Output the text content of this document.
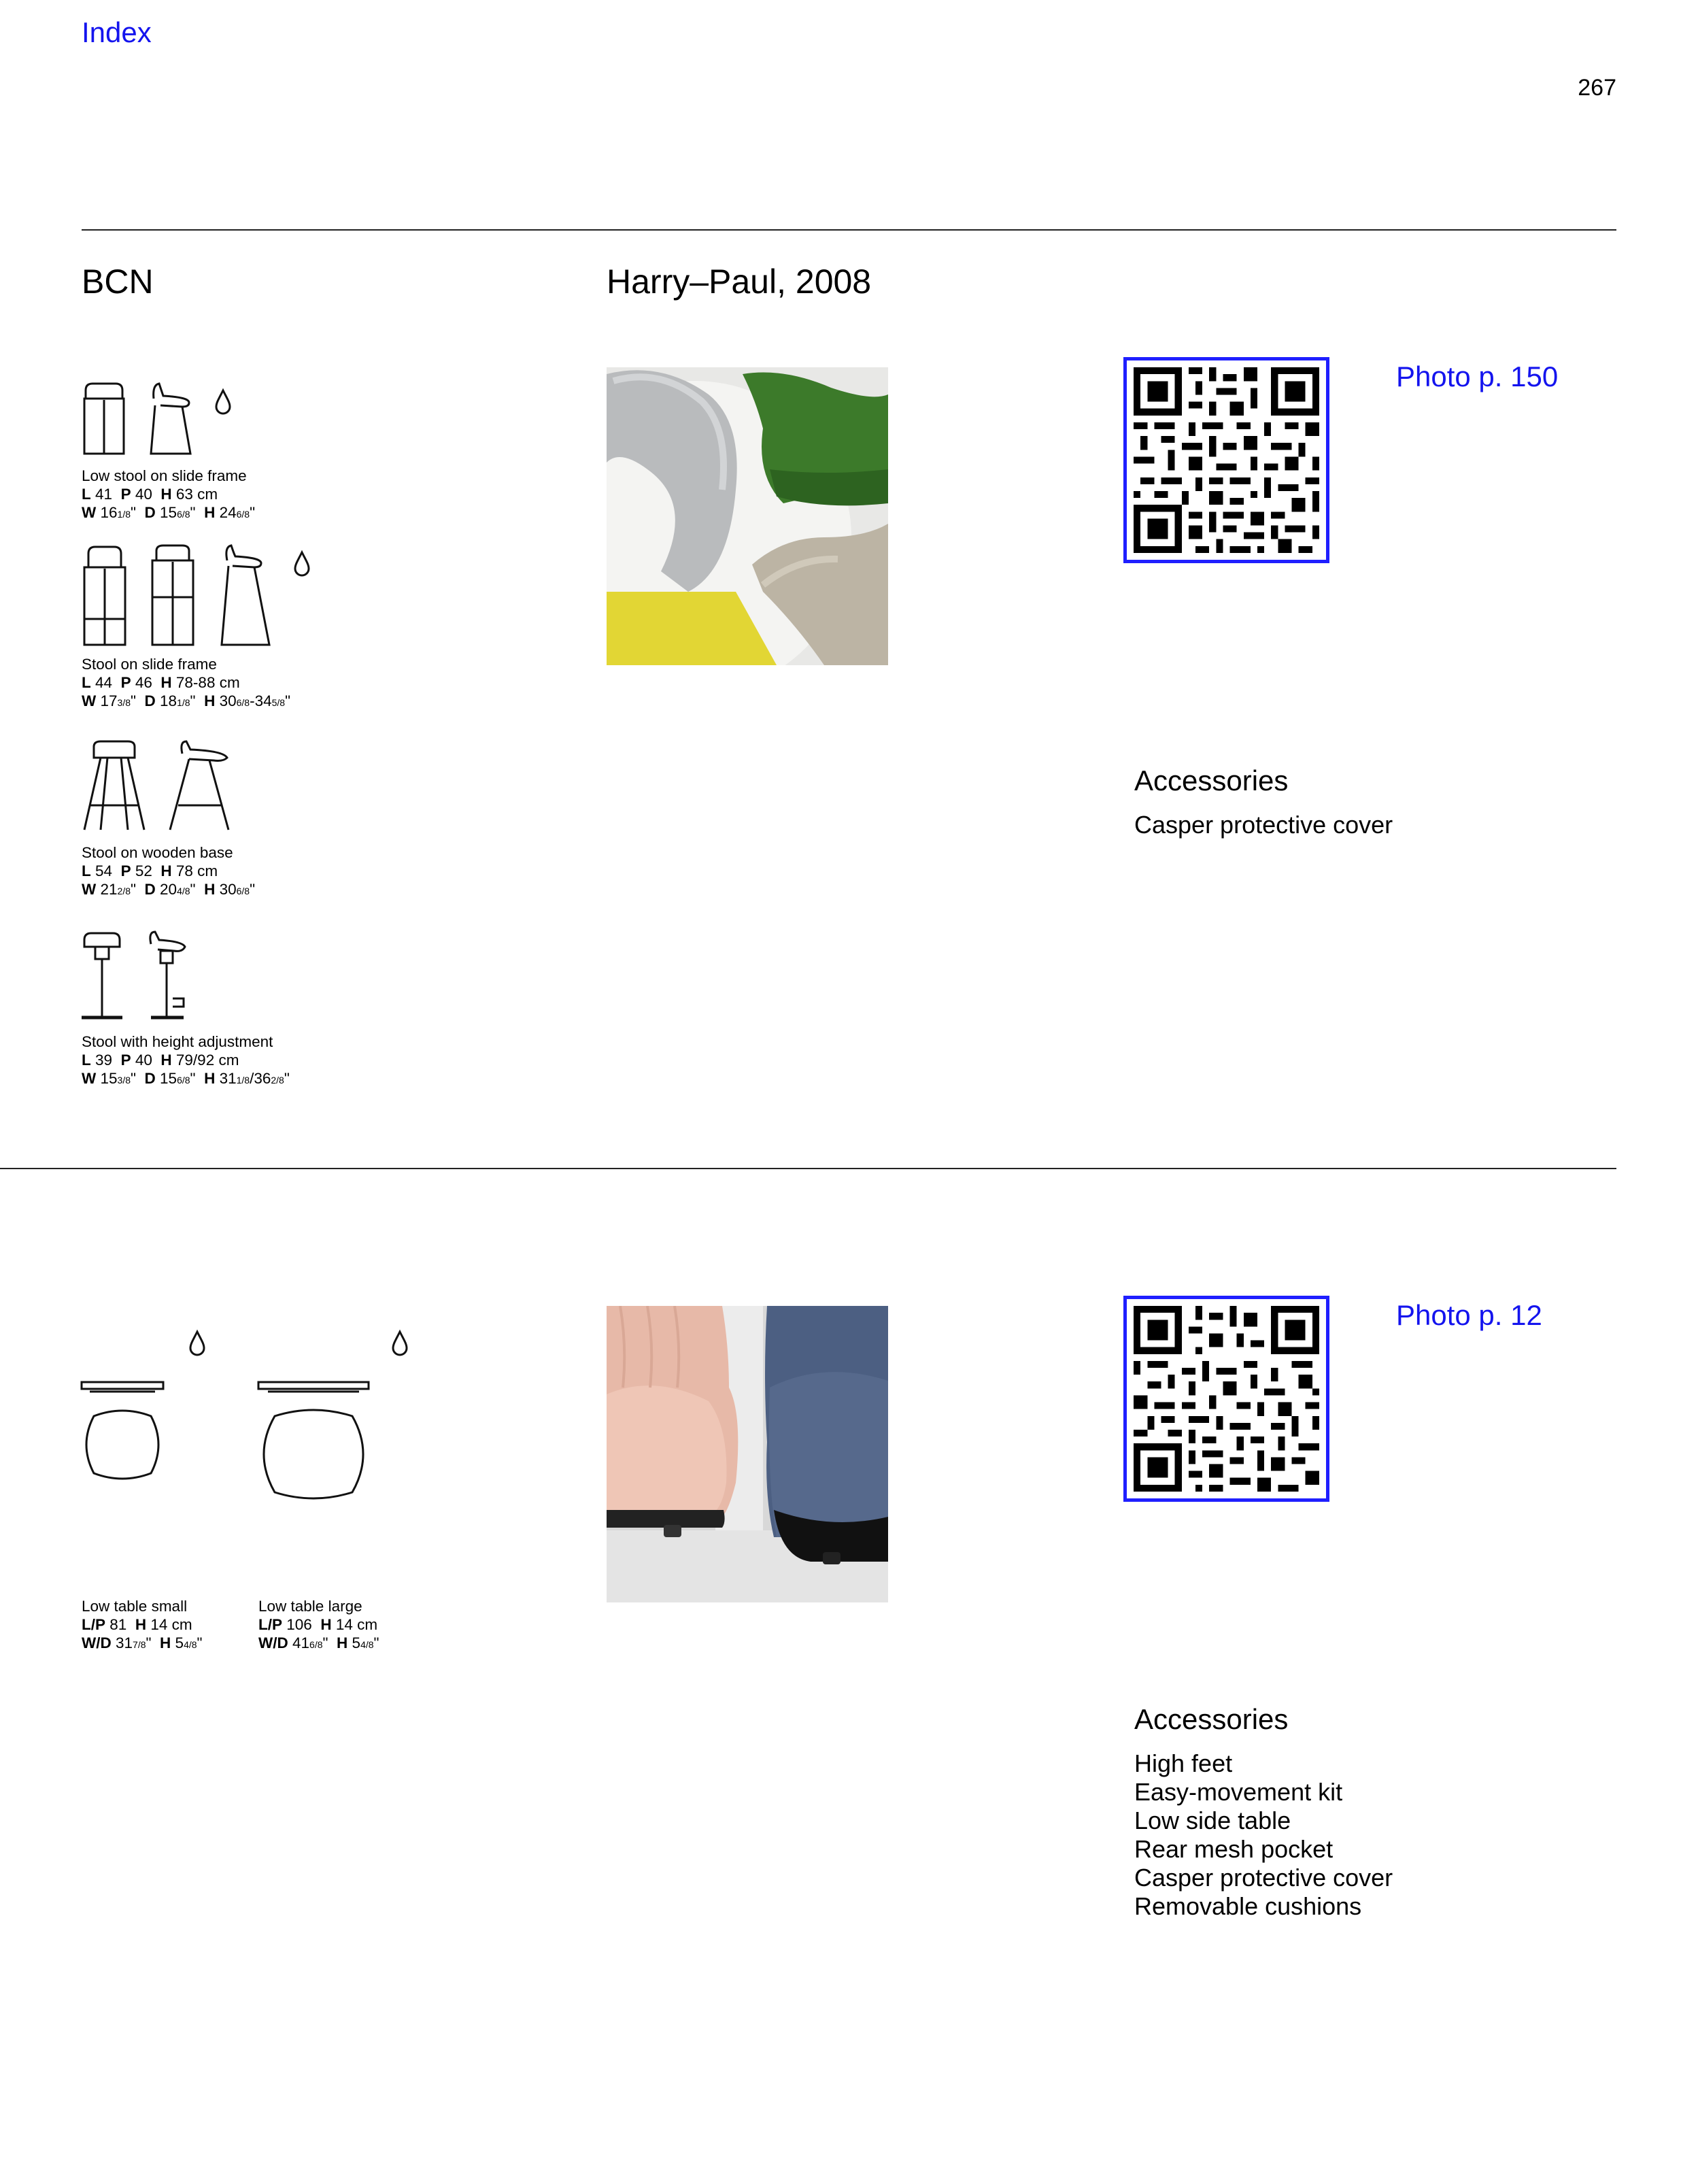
Index
267
BCN	Harry–Paul, 2008
Low stool on slide frame
L 41 P 40 H 63 cm
W 161/8" D 156/8" H 246/8"
Stool on slide frame
L 44 P 46 H 78-88 cm
W 173/8" D 181/8" H 306/8-345/8"
Stool on wooden base
L 54 P 52 H 78 cm
W 212/8" D 204/8" H 306/8"
Stool with height adjustment
L 39 P 40 H 79/92 cm
W 153/8" D 156/8" H 311/8/362/8"
Photo p. 150
Accessories
Casper protective cover
Low table small
L/P 81 H 14 cm
W/D 317/8" H 54/8"
Low table large
L/P 106 H 14 cm
W/D 416/8" H 54/8"
Photo p. 12
Accessories
High feet
Easy-movement kit
Low side table
Rear mesh pocket
Casper protective cover
Removable cushions
